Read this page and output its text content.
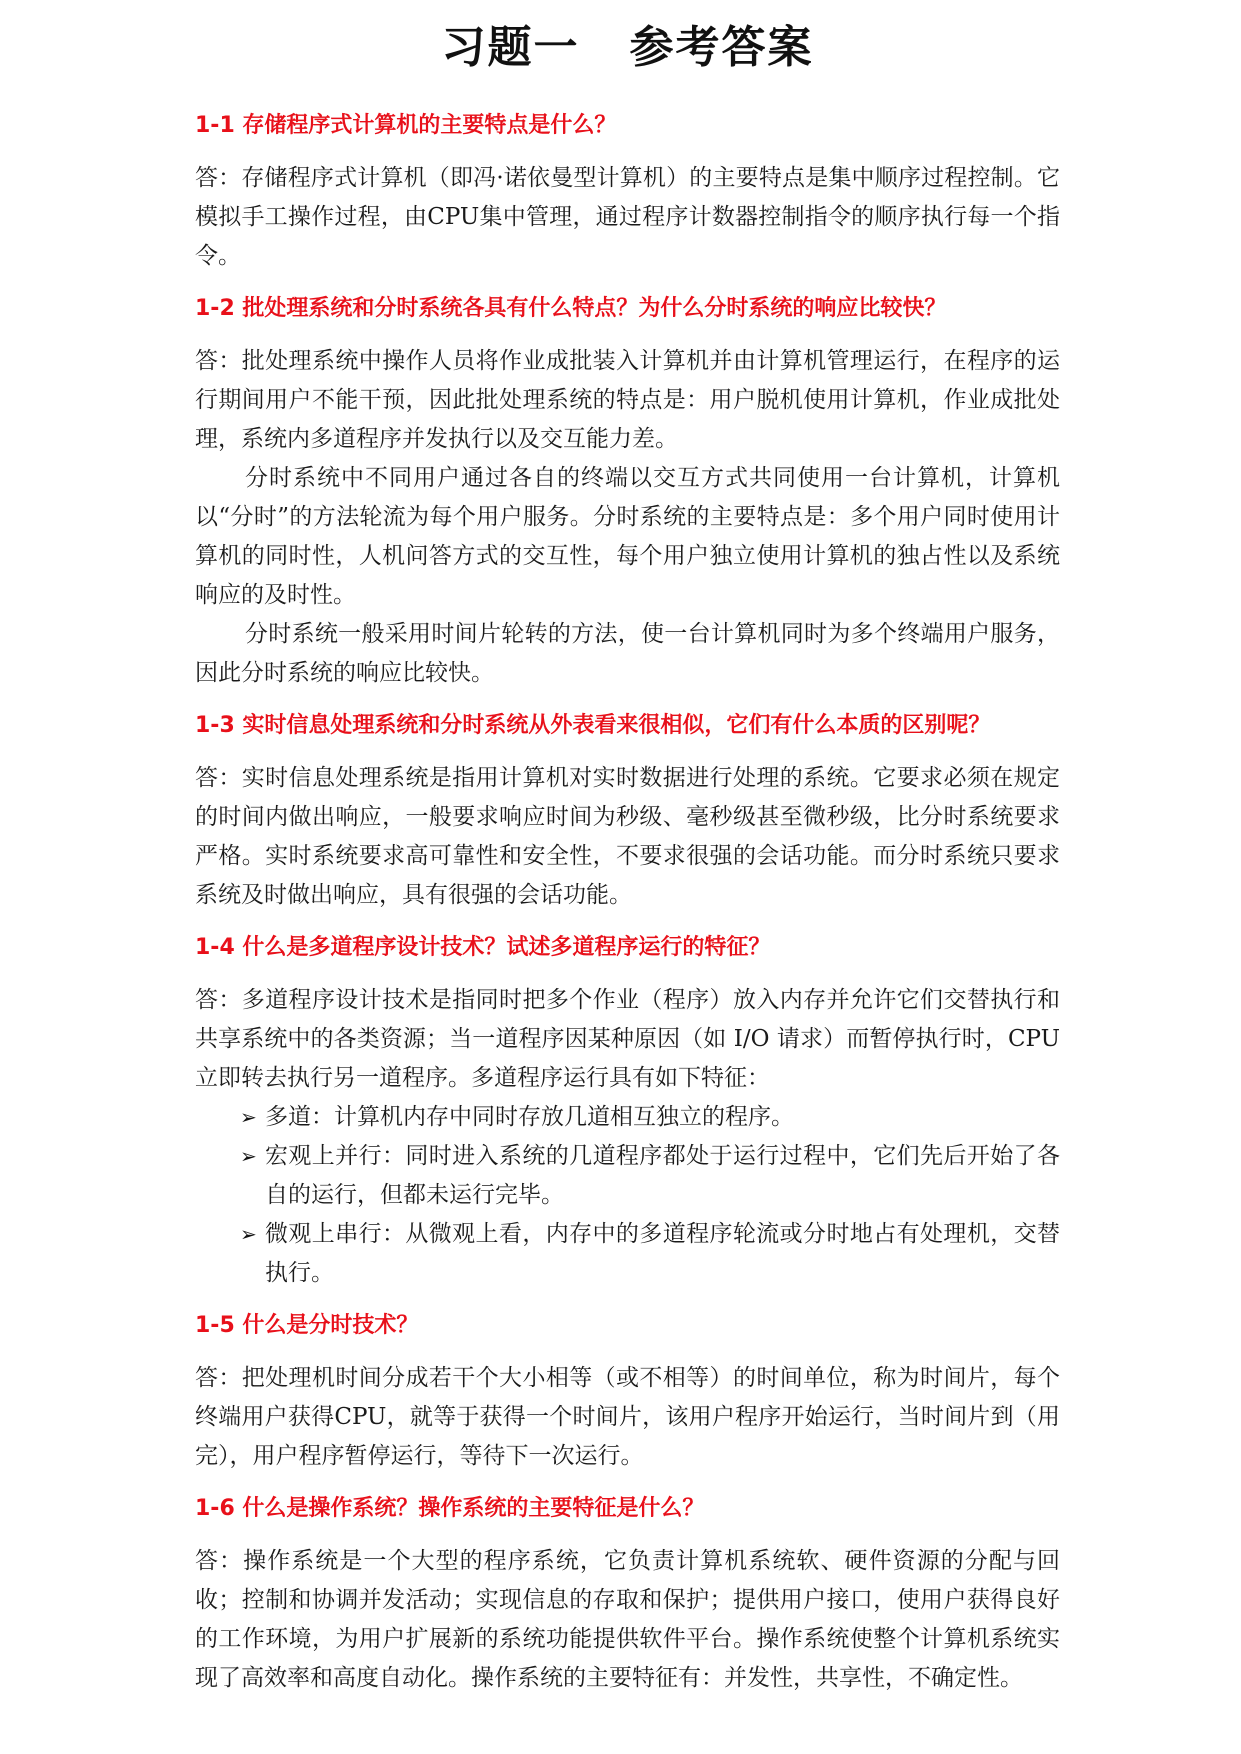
习题一 参考答案

1-1 存储程序式计算机的主要特点是什么？

答：存储程序式计算机（即冯·诺依曼型计算机）的主要特点是集中顺序过程控制。它模拟手工操作过程，由CPU集中管理，通过程序计数器控制指令的顺序执行每一个指令。

1-2 批处理系统和分时系统各具有什么特点？为什么分时系统的响应比较快？

答：批处理系统中操作人员将作业成批装入计算机并由计算机管理运行，在程序的运行期间用户不能干预，因此批处理系统的特点是：用户脱机使用计算机，作业成批处理，系统内多道程序并发执行以及交互能力差。

分时系统中不同用户通过各自的终端以交互方式共同使用一台计算机，计算机以“分时”的方法轮流为每个用户服务。分时系统的主要特点是：多个用户同时使用计算机的同时性，人机问答方式的交互性，每个用户独立使用计算机的独占性以及系统响应的及时性。

分时系统一般采用时间片轮转的方法，使一台计算机同时为多个终端用户服务，因此分时系统的响应比较快。

1-3 实时信息处理系统和分时系统从外表看来很相似，它们有什么本质的区别呢？

答：实时信息处理系统是指用计算机对实时数据进行处理的系统。它要求必须在规定的时间内做出响应，一般要求响应时间为秒级、毫秒级甚至微秒级，比分时系统要求严格。实时系统要求高可靠性和安全性，不要求很强的会话功能。而分时系统只要求系统及时做出响应，具有很强的会话功能。

1-4 什么是多道程序设计技术？试述多道程序运行的特征？

答：多道程序设计技术是指同时把多个作业（程序）放入内存并允许它们交替执行和共享系统中的各类资源；当一道程序因某种原因（如 I/O 请求）而暂停执行时，CPU 立即转去执行另一道程序。多道程序运行具有如下特征：

➢ 多道：计算机内存中同时存放几道相互独立的程序。
➢ 宏观上并行：同时进入系统的几道程序都处于运行过程中，它们先后开始了各自的运行，但都未运行完毕。
➢ 微观上串行：从微观上看，内存中的多道程序轮流或分时地占有处理机，交替执行。

1-5 什么是分时技术？

答：把处理机时间分成若干个大小相等（或不相等）的时间单位，称为时间片，每个终端用户获得CPU，就等于获得一个时间片，该用户程序开始运行，当时间片到（用完），用户程序暂停运行，等待下一次运行。

1-6 什么是操作系统？操作系统的主要特征是什么？

答：操作系统是一个大型的程序系统，它负责计算机系统软、硬件资源的分配与回收；控制和协调并发活动；实现信息的存取和保护；提供用户接口，使用户获得良好的工作环境，为用户扩展新的系统功能提供软件平台。操作系统使整个计算机系统实现了高效率和高度自动化。操作系统的主要特征有：并发性，共享性，不确定性。
